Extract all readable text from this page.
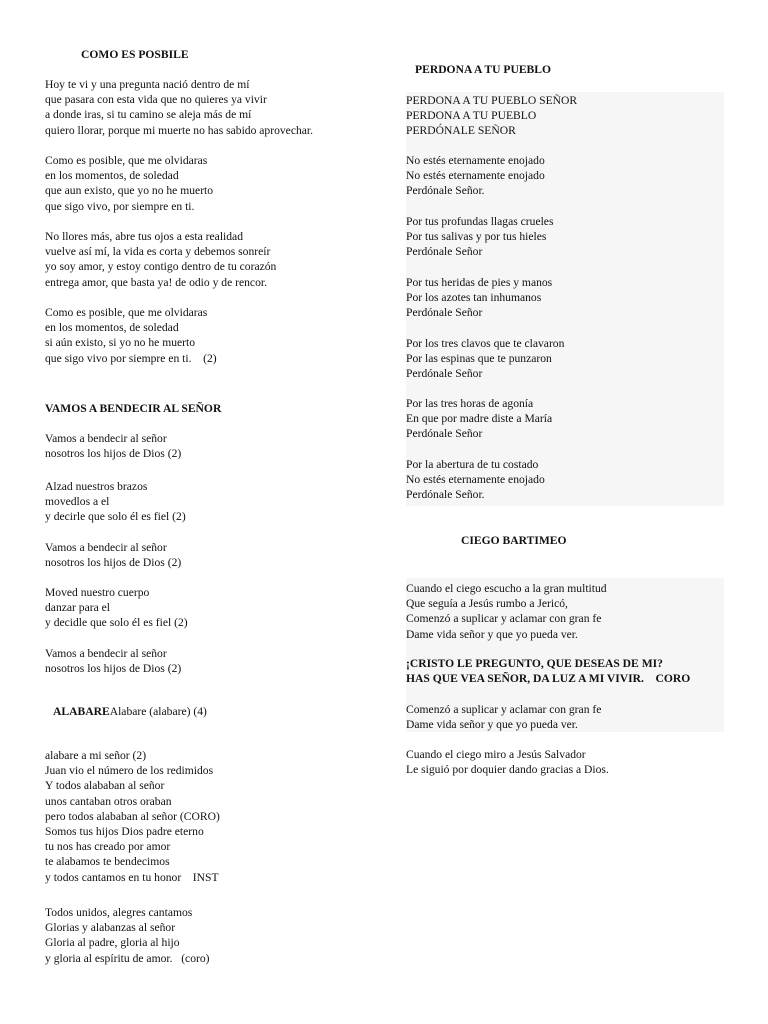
COMO ES POSBILE
Hoy te vi y una pregunta nació dentro de mí
que pasara con esta vida que no quieres ya vivir
a donde iras, si tu camino se aleja más de mí
quiero llorar, porque mi muerte no has sabido aprovechar.
Como es posible, que me olvidaras
en los momentos, de soledad
que aun existo, que yo no he muerto
que sigo vivo, por siempre en ti.
No llores más, abre tus ojos a esta realidad
vuelve así mí, la vida es corta y debemos sonreír
yo soy amor, y estoy contigo dentro de tu corazón
entrega amor, que basta ya! de odio y de rencor.
Como es posible, que me olvidaras
en los momentos, de soledad
si aún existo, si yo no he muerto
que sigo vivo por siempre en ti.    (2)
VAMOS A BENDECIR AL SEÑOR
Vamos a bendecir al señor
nosotros los hijos de Dios (2)
Alzad nuestros brazos
movedlos a el
y decirle que solo él es fiel (2)
Vamos a bendecir al señor
nosotros los hijos de Dios (2)
Moved nuestro cuerpo
danzar para el
y decidle que solo él es fiel (2)
Vamos a bendecir al señor
nosotros los hijos de Dios (2)
ALABAREAlabare (alabare) (4)
alabare a mi señor (2)
Juan vio el número de los redimidos
Y todos alababan al señor
unos cantaban otros oraban
pero todos alababan al señor (CORO)
Somos tus hijos Dios padre eterno
tu nos has creado por amor
te alabamos te bendecimos
y todos cantamos en tu honor    INST
Todos unidos, alegres cantamos
Glorias y alabanzas al señor
Gloria al padre, gloria al hijo
y gloria al espíritu de amor.   (coro)
PERDONA A TU PUEBLO
PERDONA A TU PUEBLO SEÑOR
PERDONA A TU PUEBLO
PERDÓNALE SEÑOR
No estés eternamente enojado
No estés eternamente enojado
Perdónale Señor.
Por tus profundas llagas crueles
Por tus salivas y por tus hieles
Perdónale Señor
Por tus heridas de pies y manos
Por los azotes tan inhumanos
Perdónale Señor
Por los tres clavos que te clavaron
Por las espinas que te punzaron
Perdónale Señor
Por las tres horas de agonía
En que por madre diste a María
Perdónale Señor
Por la abertura de tu costado
No estés eternamente enojado
Perdónale Señor.
CIEGO BARTIMEO
Cuando el ciego escucho a la gran multitud
Que seguía a Jesús rumbo a Jericó,
Comenzó a suplicar y aclamar con gran fe
Dame vida señor y que yo pueda ver.
¡CRISTO LE PREGUNTO, QUE DESEAS DE MI?
HAS QUE VEA SEÑOR, DA LUZ A MI VIVIR.    CORO
Comenzó a suplicar y aclamar con gran fe
Dame vida señor y que yo pueda ver.
Cuando el ciego miro a Jesús Salvador
Le siguió por doquier dando gracias a Dios.
